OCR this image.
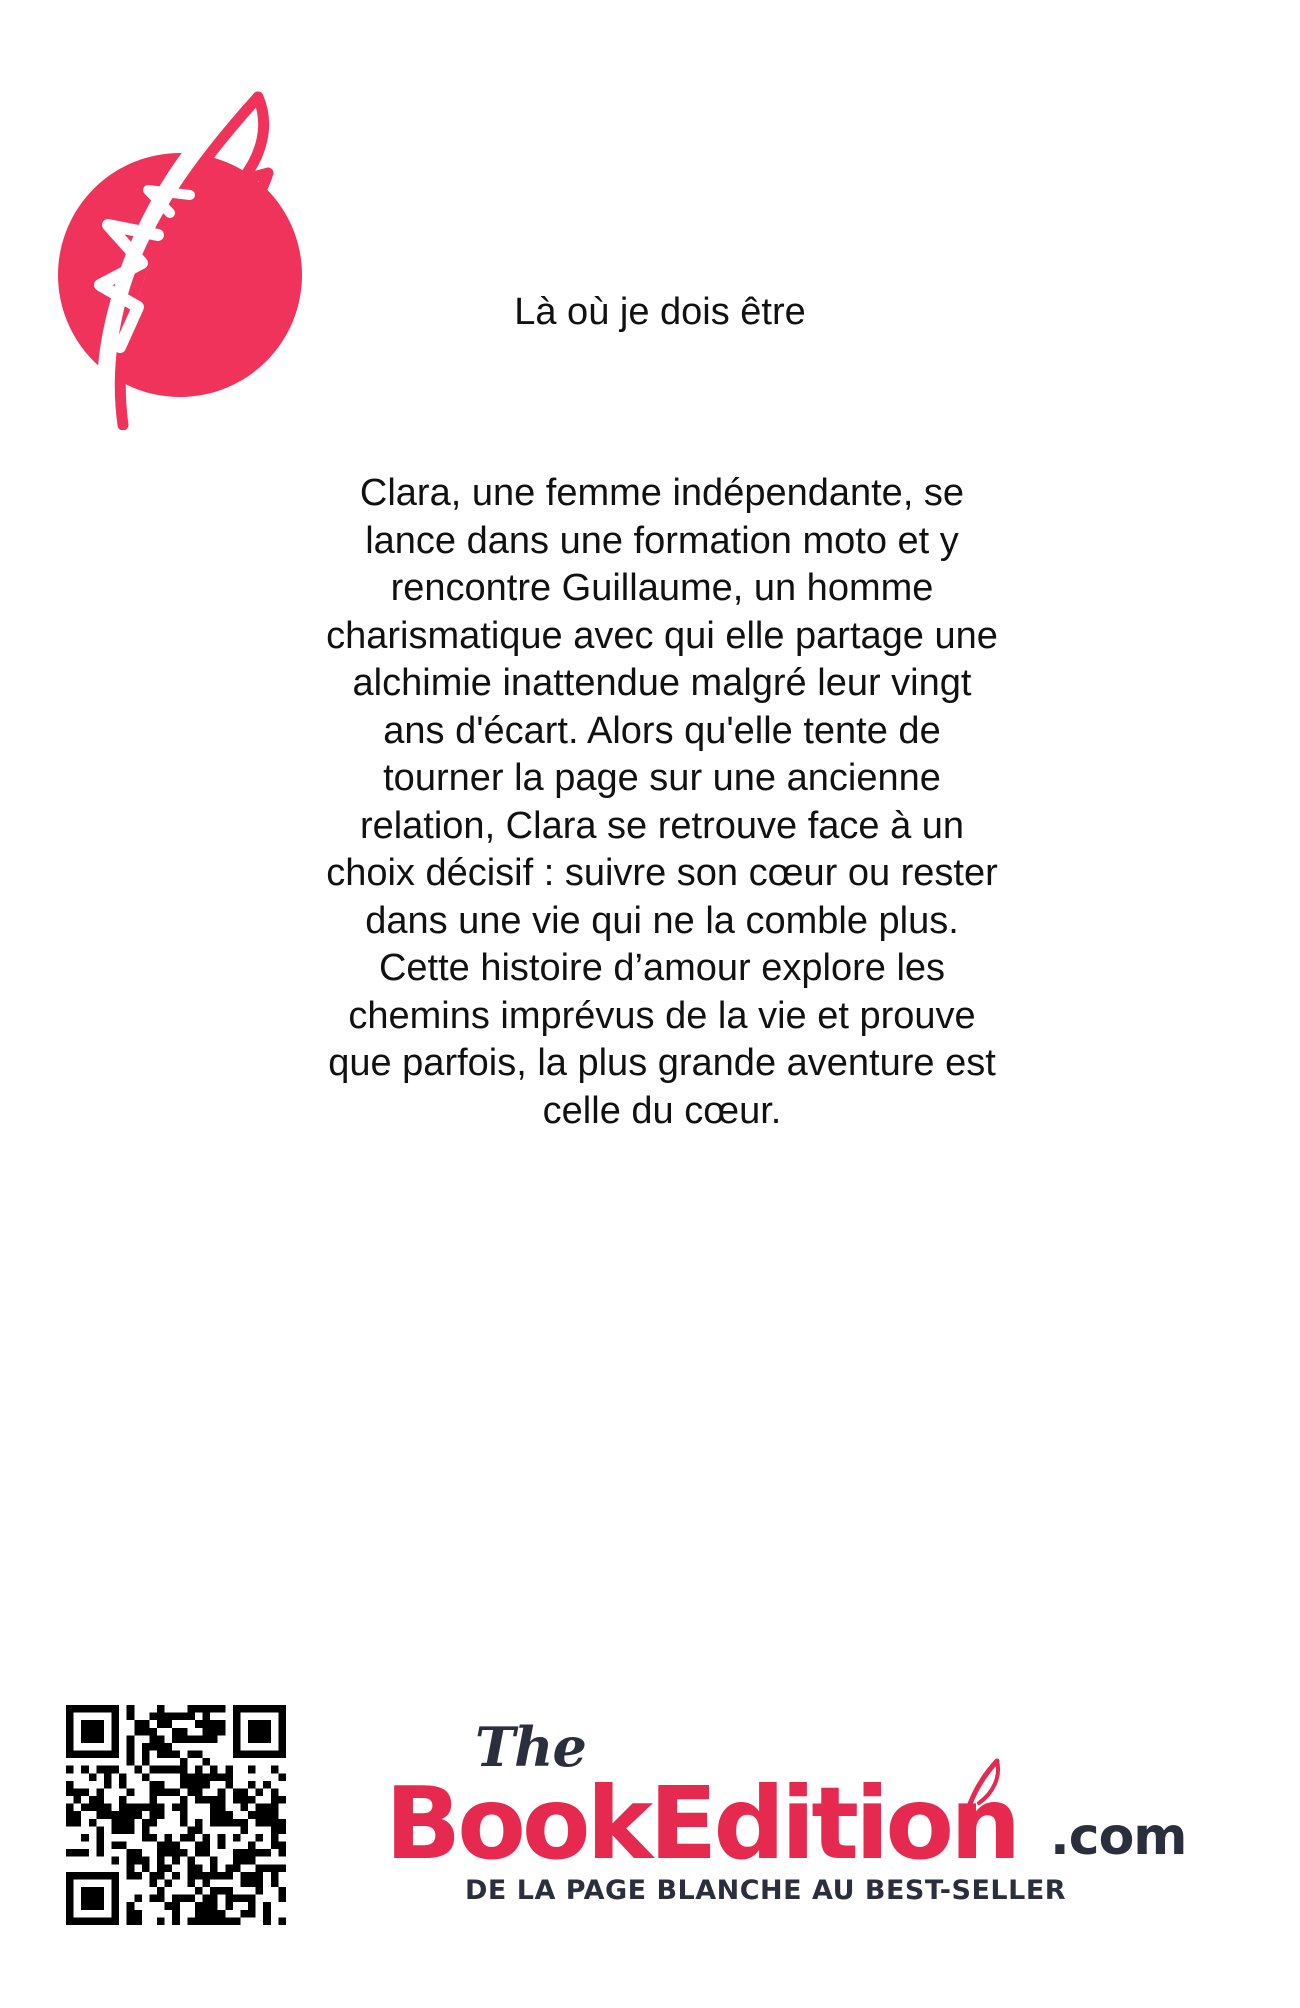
Là où je dois être
Clara, une femme indépendante, se
lance dans une formation moto et y
rencontre Guillaume, un homme
charismatique avec qui elle partage une
alchimie inattendue malgré leur vingt
ans d'écart. Alors qu'elle tente de
tourner la page sur une ancienne
relation, Clara se retrouve face à un
choix décisif : suivre son cœur ou rester
dans une vie qui ne la comble plus.
Cette histoire d’amour explore les
chemins imprévus de la vie et prouve
que parfois, la plus grande aventure est
celle du cœur.
The
BookEdition .com
DE LA PAGE BLANCHE AU BEST-SELLER
